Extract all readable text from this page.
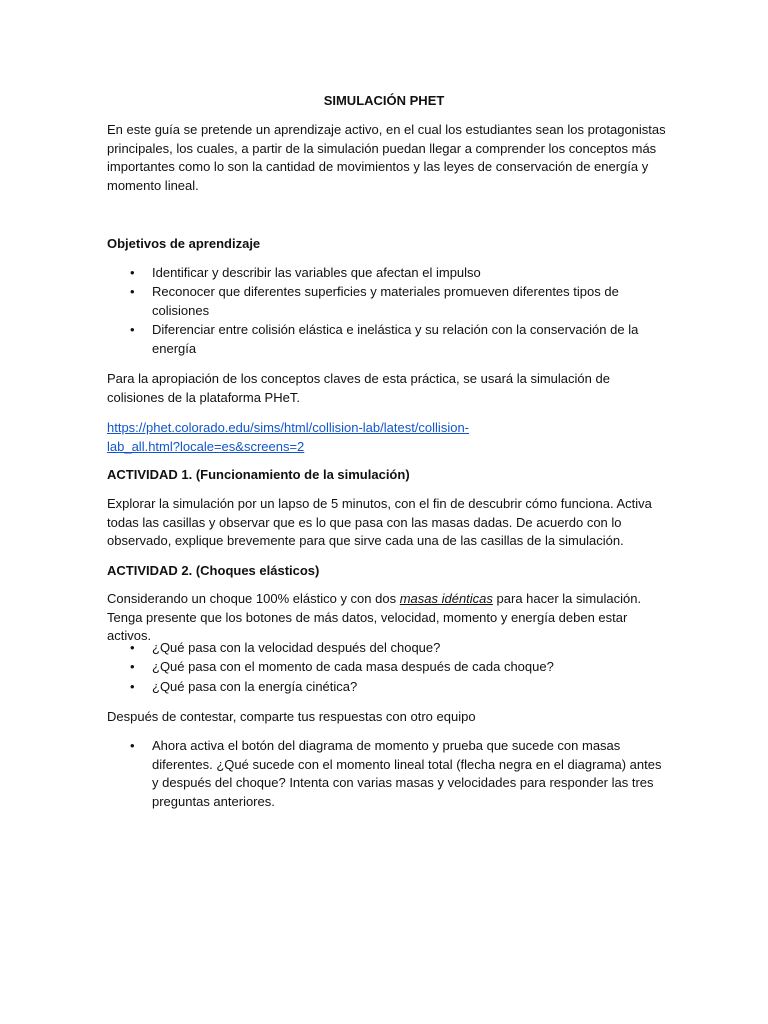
SIMULACIÓN PHET

En este guía se pretende un aprendizaje activo, en el cual los estudiantes sean los protagonistas principales, los cuales, a partir de la simulación puedan llegar a comprender los conceptos más importantes como lo son la cantidad de movimientos y las leyes de conservación de energía y momento lineal.

Objetivos de aprendizaje

• Identificar y describir las variables que afectan el impulso
• Reconocer que diferentes superficies y materiales promueven diferentes tipos de colisiones
• Diferenciar entre colisión elástica e inelástica y su relación con la conservación de la energía

Para la apropiación de los conceptos claves de esta práctica, se usará la simulación de colisiones de la plataforma PHeT.

https://phet.colorado.edu/sims/html/collision-lab/latest/collision-
lab_all.html?locale=es&screens=2

ACTIVIDAD 1. (Funcionamiento de la simulación)

Explorar la simulación por un lapso de 5 minutos, con el fin de descubrir cómo funciona. Activa todas las casillas y observar que es lo que pasa con las masas dadas. De acuerdo con lo observado, explique brevemente para que sirve cada una de las casillas de la simulación.

ACTIVIDAD 2. (Choques elásticos)

Considerando un choque 100% elástico y con dos masas idénticas para hacer la simulación. Tenga presente que los botones de más datos, velocidad, momento y energía deben estar activos.

• ¿Qué pasa con la velocidad después del choque?
• ¿Qué pasa con el momento de cada masa después de cada choque?
• ¿Qué pasa con la energía cinética?

Después de contestar, comparte tus respuestas con otro equipo

• Ahora activa el botón del diagrama de momento y prueba que sucede con masas diferentes. ¿Qué sucede con el momento lineal total (flecha negra en el diagrama) antes y después del choque? Intenta con varias masas y velocidades para responder las tres preguntas anteriores.
